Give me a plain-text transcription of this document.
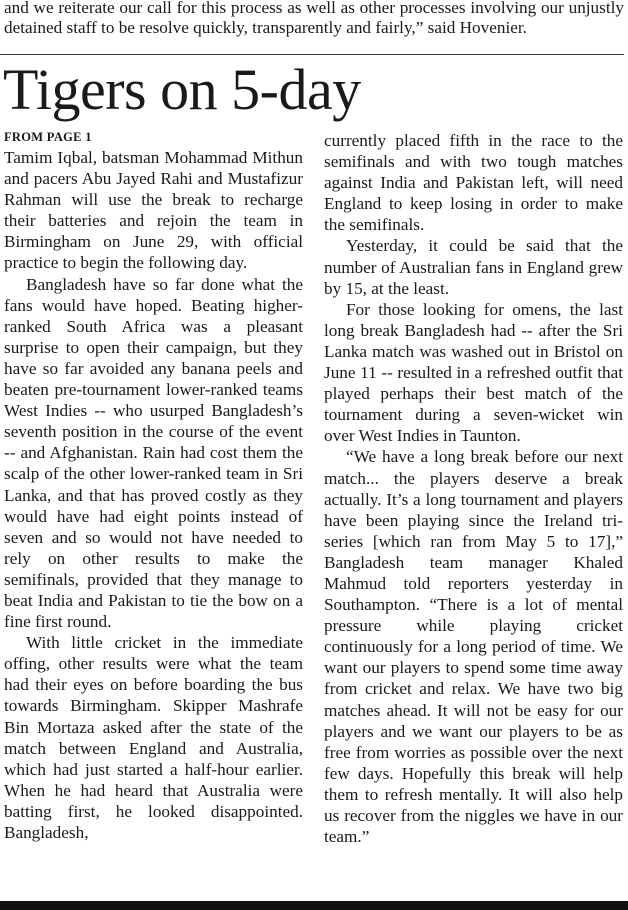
and we reiterate our call for this process as well as other processes involving our unjustly detained staff to be resolve quickly, transparently and fairly,” said Hovenier.

Tigers on 5-day
FROM PAGE 1

Tamim Iqbal, batsman Mohammad Mithun and pacers Abu Jayed Rahi and Mustafizur Rahman will use the break to recharge their batteries and rejoin the team in Birmingham on June 29, with official practice to begin the following day.

Bangladesh have so far done what the fans would have hoped. Beating higher-ranked South Africa was a pleasant surprise to open their campaign, but they have so far avoided any banana peels and beaten pre-tournament lower-ranked teams West Indies -- who usurped Bangladesh’s seventh position in the course of the event -- and Afghanistan. Rain had cost them the scalp of the other lower-ranked team in Sri Lanka, and that has proved costly as they would have had eight points instead of seven and so would not have needed to rely on other results to make the semifinals, provided that they manage to beat India and Pakistan to tie the bow on a fine first round.

With little cricket in the immediate offing, other results were what the team had their eyes on before boarding the bus towards Birmingham. Skipper Mashrafe Bin Mortaza asked after the state of the match between England and Australia, which had just started a half-hour earlier. When he had heard that Australia were batting first, he looked disappointed. Bangladesh,

currently placed fifth in the race to the semifinals and with two tough matches against India and Pakistan left, will need England to keep losing in order to make the semifinals.

Yesterday, it could be said that the number of Australian fans in England grew by 15, at the least.

For those looking for omens, the last long break Bangladesh had -- after the Sri Lanka match was washed out in Bristol on June 11 -- resulted in a refreshed outfit that played perhaps their best match of the tournament during a seven-wicket win over West Indies in Taunton.

“We have a long break before our next match... the players deserve a break actually. It’s a long tournament and players have been playing since the Ireland tri-series [which ran from May 5 to 17],” Bangladesh team manager Khaled Mahmud told reporters yesterday in Southampton. “There is a lot of mental pressure while playing cricket continuously for a long period of time. We want our players to spend some time away from cricket and relax. We have two big matches ahead. It will not be easy for our players and we want our players to be as free from worries as possible over the next few days. Hopefully this break will help them to refresh mentally. It will also help us recover from the niggles we have in our team.”
